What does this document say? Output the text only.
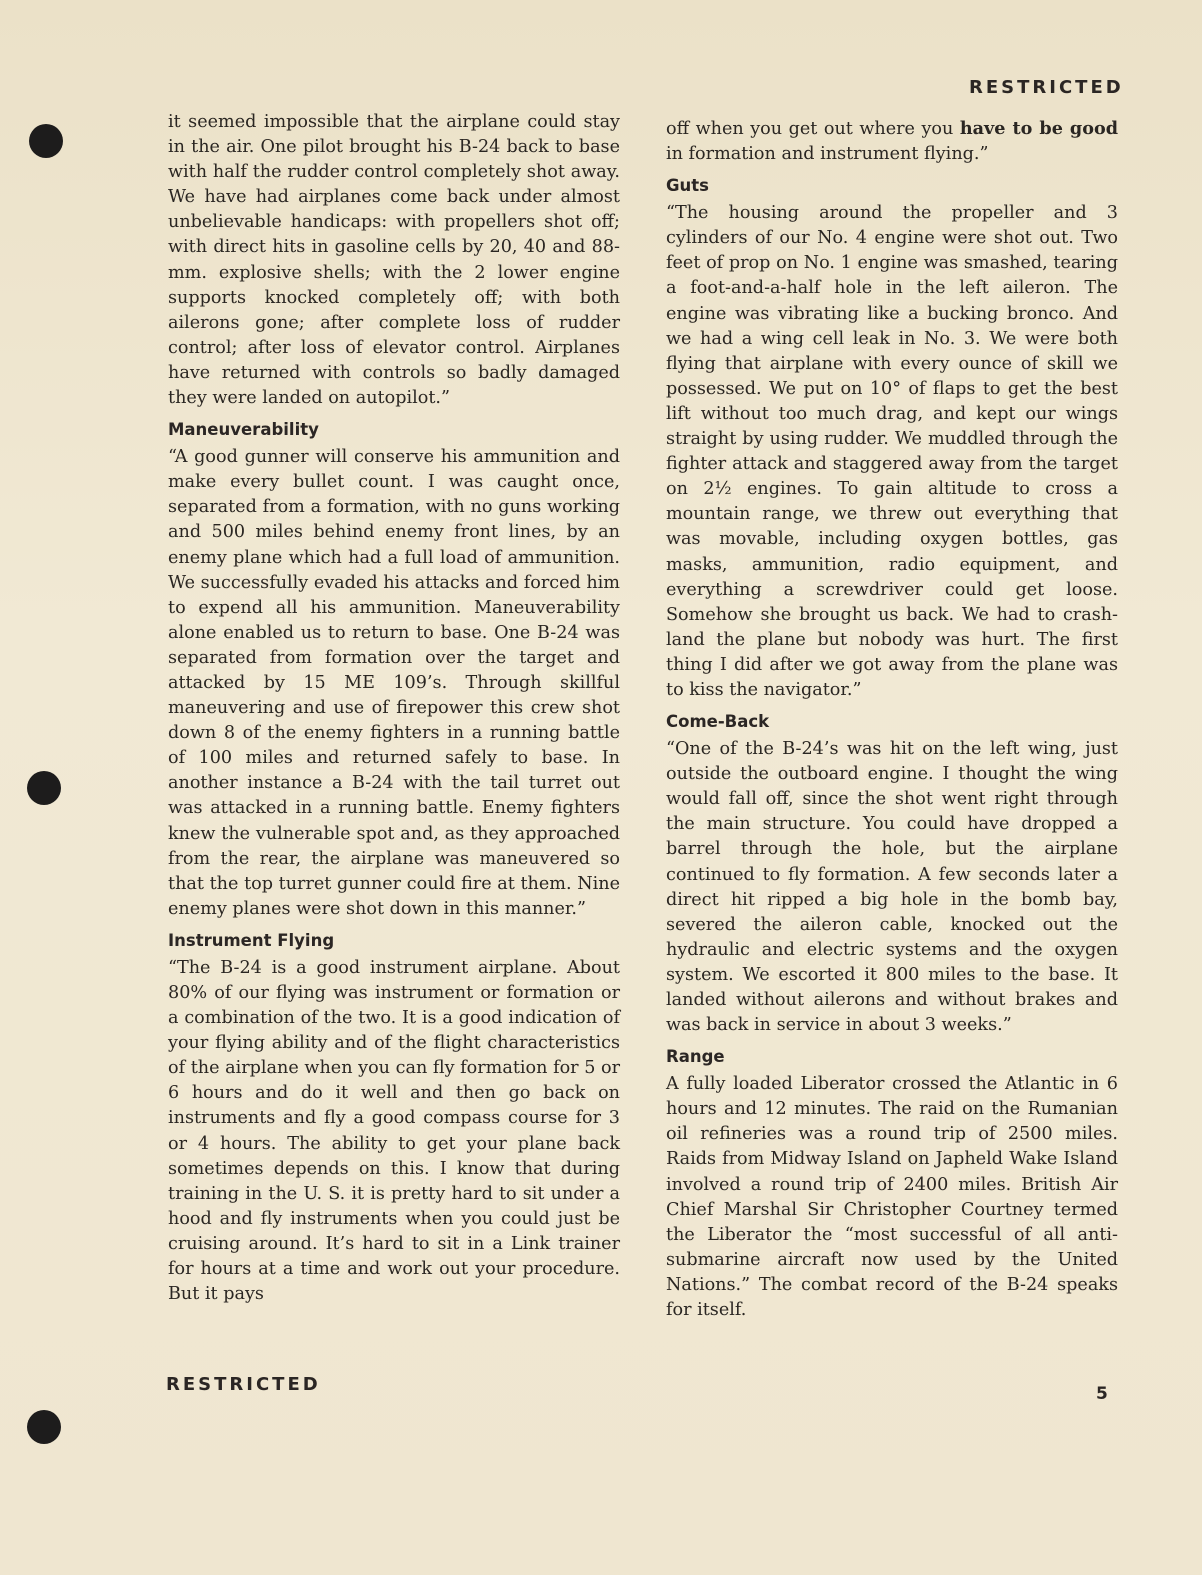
RESTRICTED

it seemed impossible that the airplane could stay in the air. One pilot brought his B-24 back to base with half the rudder control completely shot away. We have had airplanes come back under almost unbelievable handicaps: with propellers shot off; with direct hits in gasoline cells by 20, 40 and 88-mm. explosive shells; with the 2 lower engine supports knocked completely off; with both ailerons gone; after complete loss of rudder control; after loss of elevator control. Airplanes have returned with controls so badly damaged they were landed on autopilot.”

Maneuverability

“A good gunner will conserve his ammunition and make every bullet count. I was caught once, separated from a formation, with no guns working and 500 miles behind enemy front lines, by an enemy plane which had a full load of ammunition. We successfully evaded his attacks and forced him to expend all his ammunition. Maneuverability alone enabled us to return to base. One B-24 was separated from formation over the target and attacked by 15 ME 109’s. Through skillful maneuvering and use of firepower this crew shot down 8 of the enemy fighters in a running battle of 100 miles and returned safely to base. In another instance a B-24 with the tail turret out was attacked in a running battle. Enemy fighters knew the vulnerable spot and, as they approached from the rear, the airplane was maneuvered so that the top turret gunner could fire at them. Nine enemy planes were shot down in this manner.”

Instrument Flying

“The B-24 is a good instrument airplane. About 80% of our flying was instrument or formation or a combination of the two. It is a good indication of your flying ability and of the flight characteristics of the airplane when you can fly formation for 5 or 6 hours and do it well and then go back on instruments and fly a good compass course for 3 or 4 hours. The ability to get your plane back sometimes depends on this. I know that during training in the U. S. it is pretty hard to sit under a hood and fly instruments when you could just be cruising around. It’s hard to sit in a Link trainer for hours at a time and work out your procedure. But it pays

off when you get out where you have to be good in formation and instrument flying.”

Guts

“The housing around the propeller and 3 cylinders of our No. 4 engine were shot out. Two feet of prop on No. 1 engine was smashed, tearing a foot-and-a-half hole in the left aileron. The engine was vibrating like a bucking bronco. And we had a wing cell leak in No. 3. We were both flying that airplane with every ounce of skill we possessed. We put on 10° of flaps to get the best lift without too much drag, and kept our wings straight by using rudder. We muddled through the fighter attack and staggered away from the target on 2½ engines. To gain altitude to cross a mountain range, we threw out everything that was movable, including oxygen bottles, gas masks, ammunition, radio equipment, and everything a screwdriver could get loose. Somehow she brought us back. We had to crash-land the plane but nobody was hurt. The first thing I did after we got away from the plane was to kiss the navigator.”

Come-Back

“One of the B-24’s was hit on the left wing, just outside the outboard engine. I thought the wing would fall off, since the shot went right through the main structure. You could have dropped a barrel through the hole, but the airplane continued to fly formation. A few seconds later a direct hit ripped a big hole in the bomb bay, severed the aileron cable, knocked out the hydraulic and electric systems and the oxygen system. We escorted it 800 miles to the base. It landed without ailerons and without brakes and was back in service in about 3 weeks.”

Range

A fully loaded Liberator crossed the Atlantic in 6 hours and 12 minutes. The raid on the Rumanian oil refineries was a round trip of 2500 miles. Raids from Midway Island on Japheld Wake Island involved a round trip of 2400 miles. British Air Chief Marshal Sir Christopher Courtney termed the Liberator the “most successful of all anti-submarine aircraft now used by the United Nations.” The combat record of the B-24 speaks for itself.

RESTRICTED	5
